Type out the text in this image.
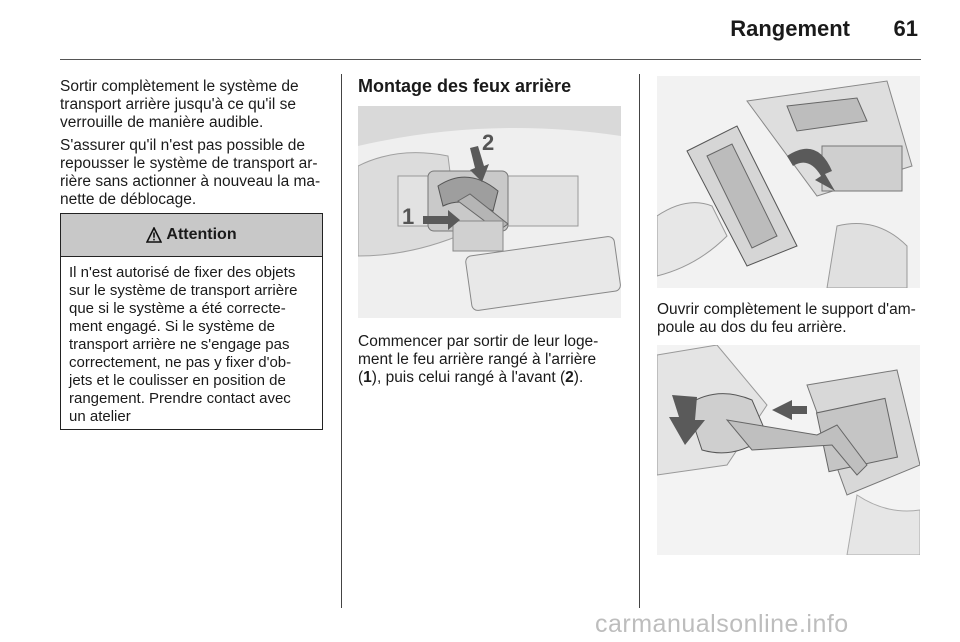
Rangement	61

Sortir complètement le système de
transport arrière jusqu'à ce qu'il se
verrouille de manière audible.

S'assurer qu'il n'est pas possible de
repousser le système de transport ar-
rière sans actionner à nouveau la ma-
nette de déblocage.

Attention
Il n'est autorisé de fixer des objets
sur le système de transport arrière
que si le système a été correcte-
ment engagé. Si le système de
transport arrière ne s'engage pas
correctement, ne pas y fixer d'ob-
jets et le coulisser en position de
rangement. Prendre contact avec
un atelier
Montage des feux arrière
1
2

Commencer par sortir de leur loge-
ment le feu arrière rangé à l'arrière
(1), puis celui rangé à l'avant (2).

Ouvrir complètement le support d'am-
poule au dos du feu arrière.

carmanualsonline.info
